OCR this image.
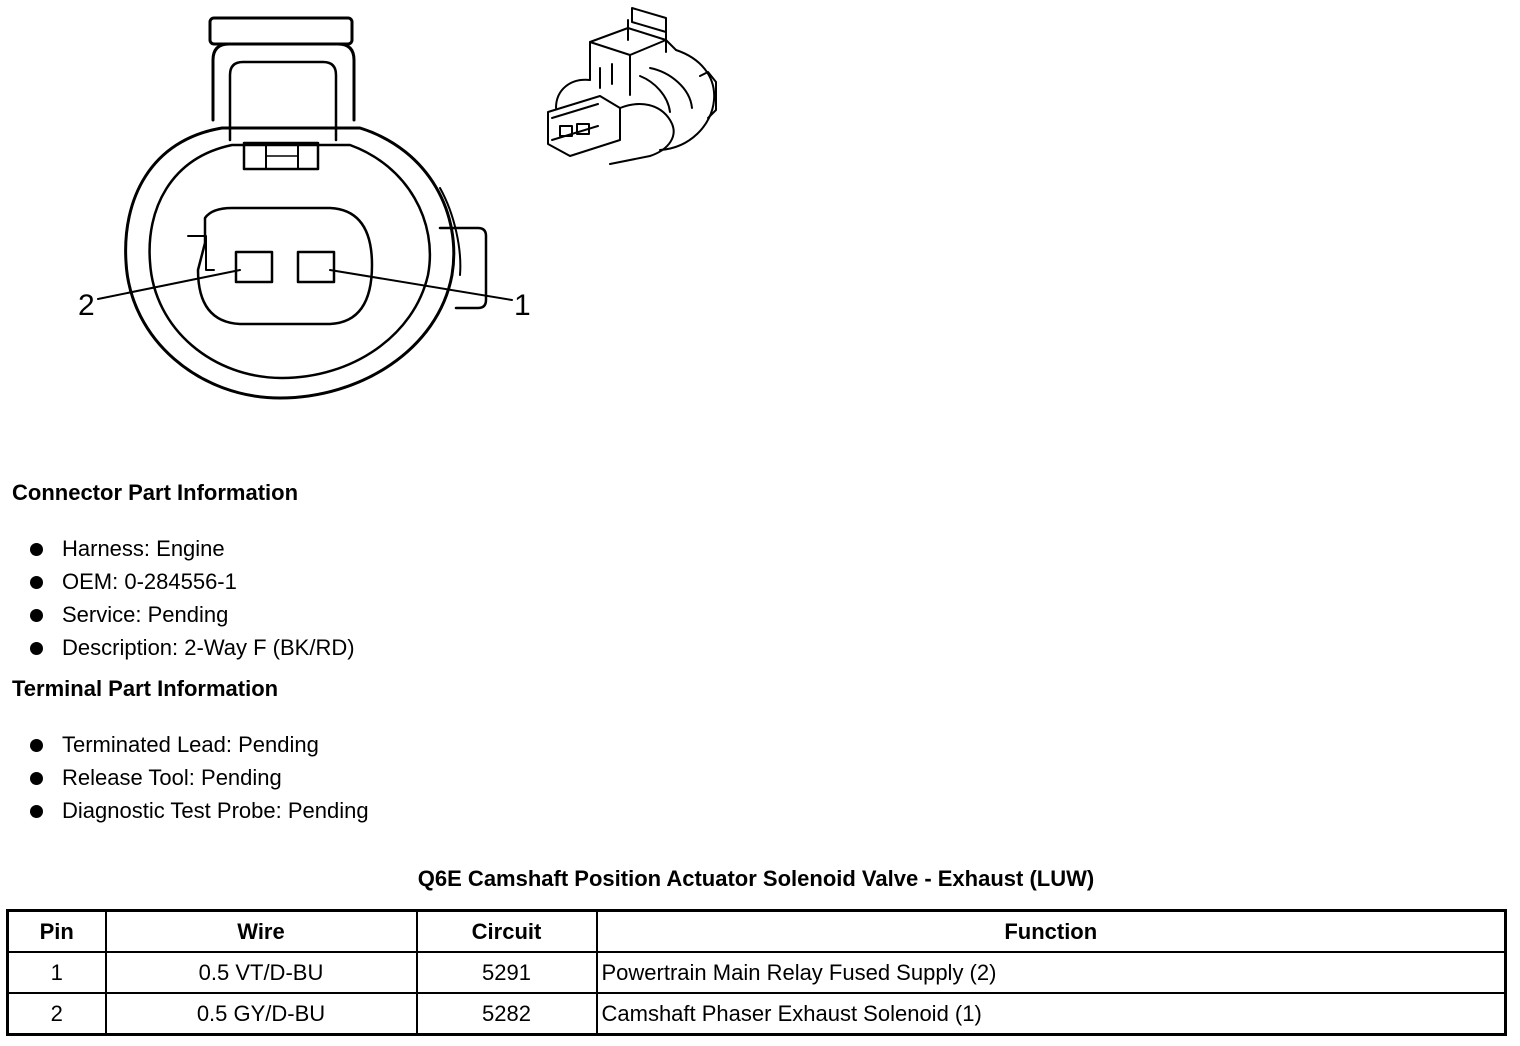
2	1
Connector Part Information
Harness: Engine
OEM: 0-284556-1
Service: Pending
Description: 2-Way F (BK/RD)
Terminal Part Information
Terminated Lead: Pending
Release Tool: Pending
Diagnostic Test Probe: Pending
Q6E Camshaft Position Actuator Solenoid Valve - Exhaust (LUW)
Pin	Wire	Circuit	Function
1	0.5 VT/D-BU	5291	Powertrain Main Relay Fused Supply (2)
2	0.5 GY/D-BU	5282	Camshaft Phaser Exhaust Solenoid (1)
